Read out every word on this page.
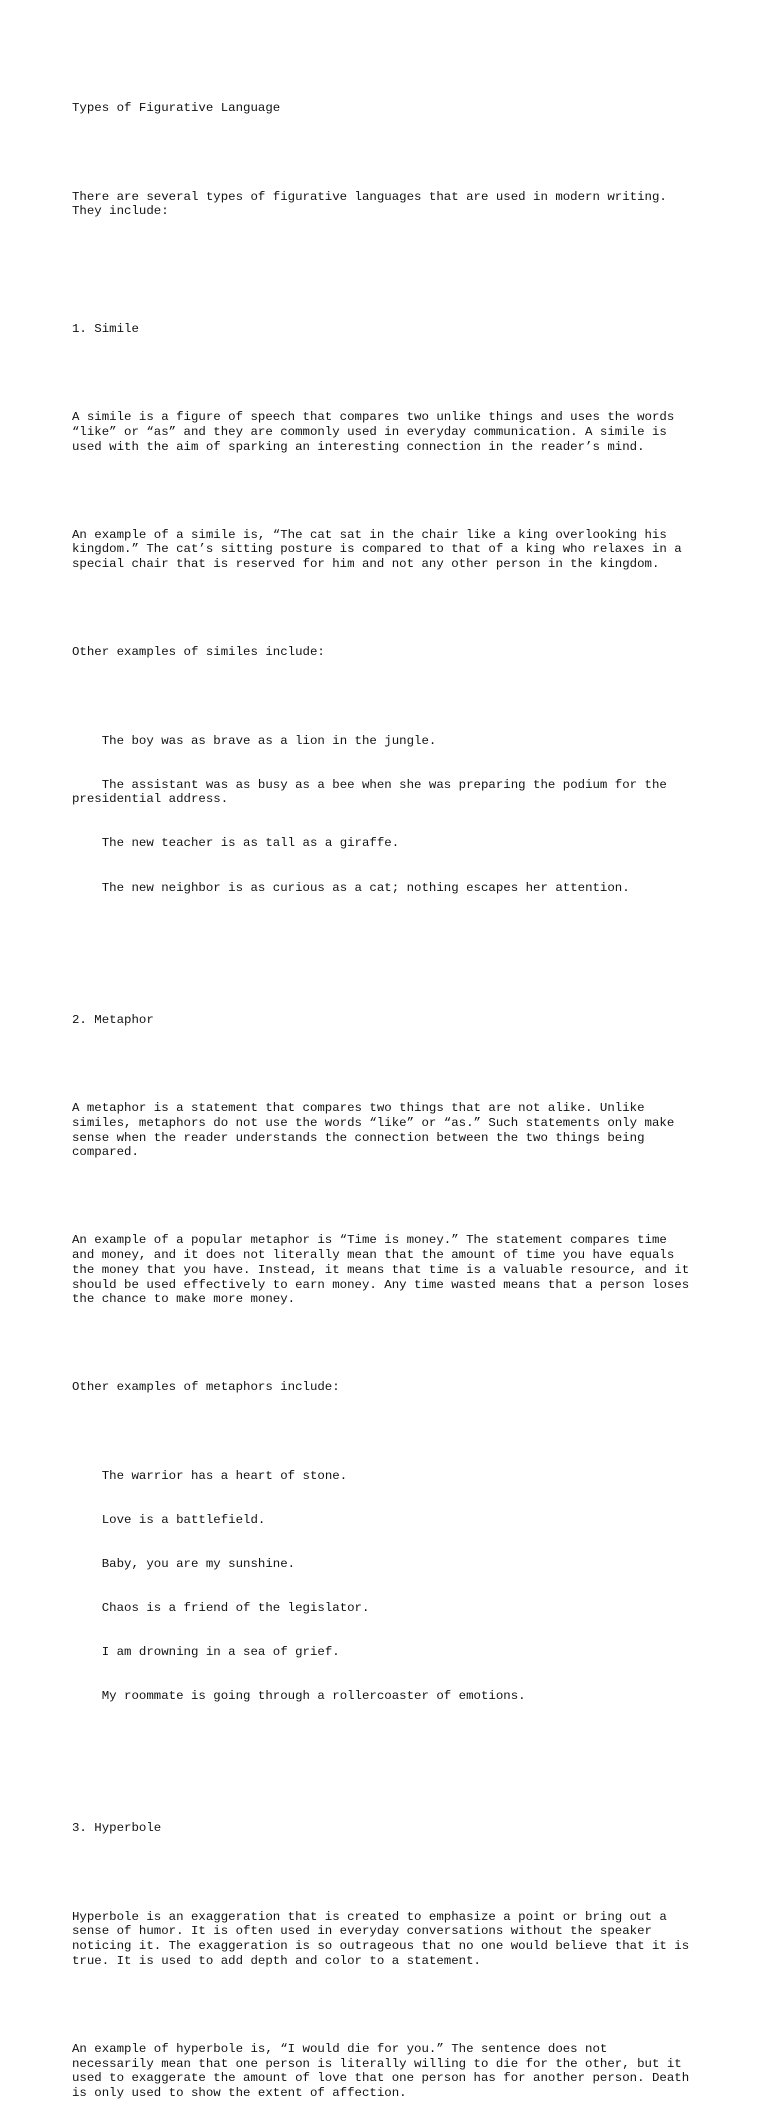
Types of Figurative Language

There are several types of figurative languages that are used in modern writing.
They include:

1. Simile

A simile is a figure of speech that compares two unlike things and uses the words
“like” or “as” and they are commonly used in everyday communication. A simile is
used with the aim of sparking an interesting connection in the reader’s mind.

An example of a simile is, “The cat sat in the chair like a king overlooking his
kingdom.” The cat’s sitting posture is compared to that of a king who relaxes in a
special chair that is reserved for him and not any other person in the kingdom.

Other examples of similes include:

The boy was as brave as a lion in the jungle.

The assistant was as busy as a bee when she was preparing the podium for the
presidential address.

The new teacher is as tall as a giraffe.

The new neighbor is as curious as a cat; nothing escapes her attention.

2. Metaphor

A metaphor is a statement that compares two things that are not alike. Unlike
similes, metaphors do not use the words “like” or “as.” Such statements only make
sense when the reader understands the connection between the two things being
compared.

An example of a popular metaphor is “Time is money.” The statement compares time
and money, and it does not literally mean that the amount of time you have equals
the money that you have. Instead, it means that time is a valuable resource, and it
should be used effectively to earn money. Any time wasted means that a person loses
the chance to make more money.

Other examples of metaphors include:

The warrior has a heart of stone.

Love is a battlefield.

Baby, you are my sunshine.

Chaos is a friend of the legislator.

I am drowning in a sea of grief.

My roommate is going through a rollercoaster of emotions.

3. Hyperbole

Hyperbole is an exaggeration that is created to emphasize a point or bring out a
sense of humor. It is often used in everyday conversations without the speaker
noticing it. The exaggeration is so outrageous that no one would believe that it is
true. It is used to add depth and color to a statement.

An example of hyperbole is, “I would die for you.” The sentence does not
necessarily mean that one person is literally willing to die for the other, but it
used to exaggerate the amount of love that one person has for another person. Death
is only used to show the extent of affection.
